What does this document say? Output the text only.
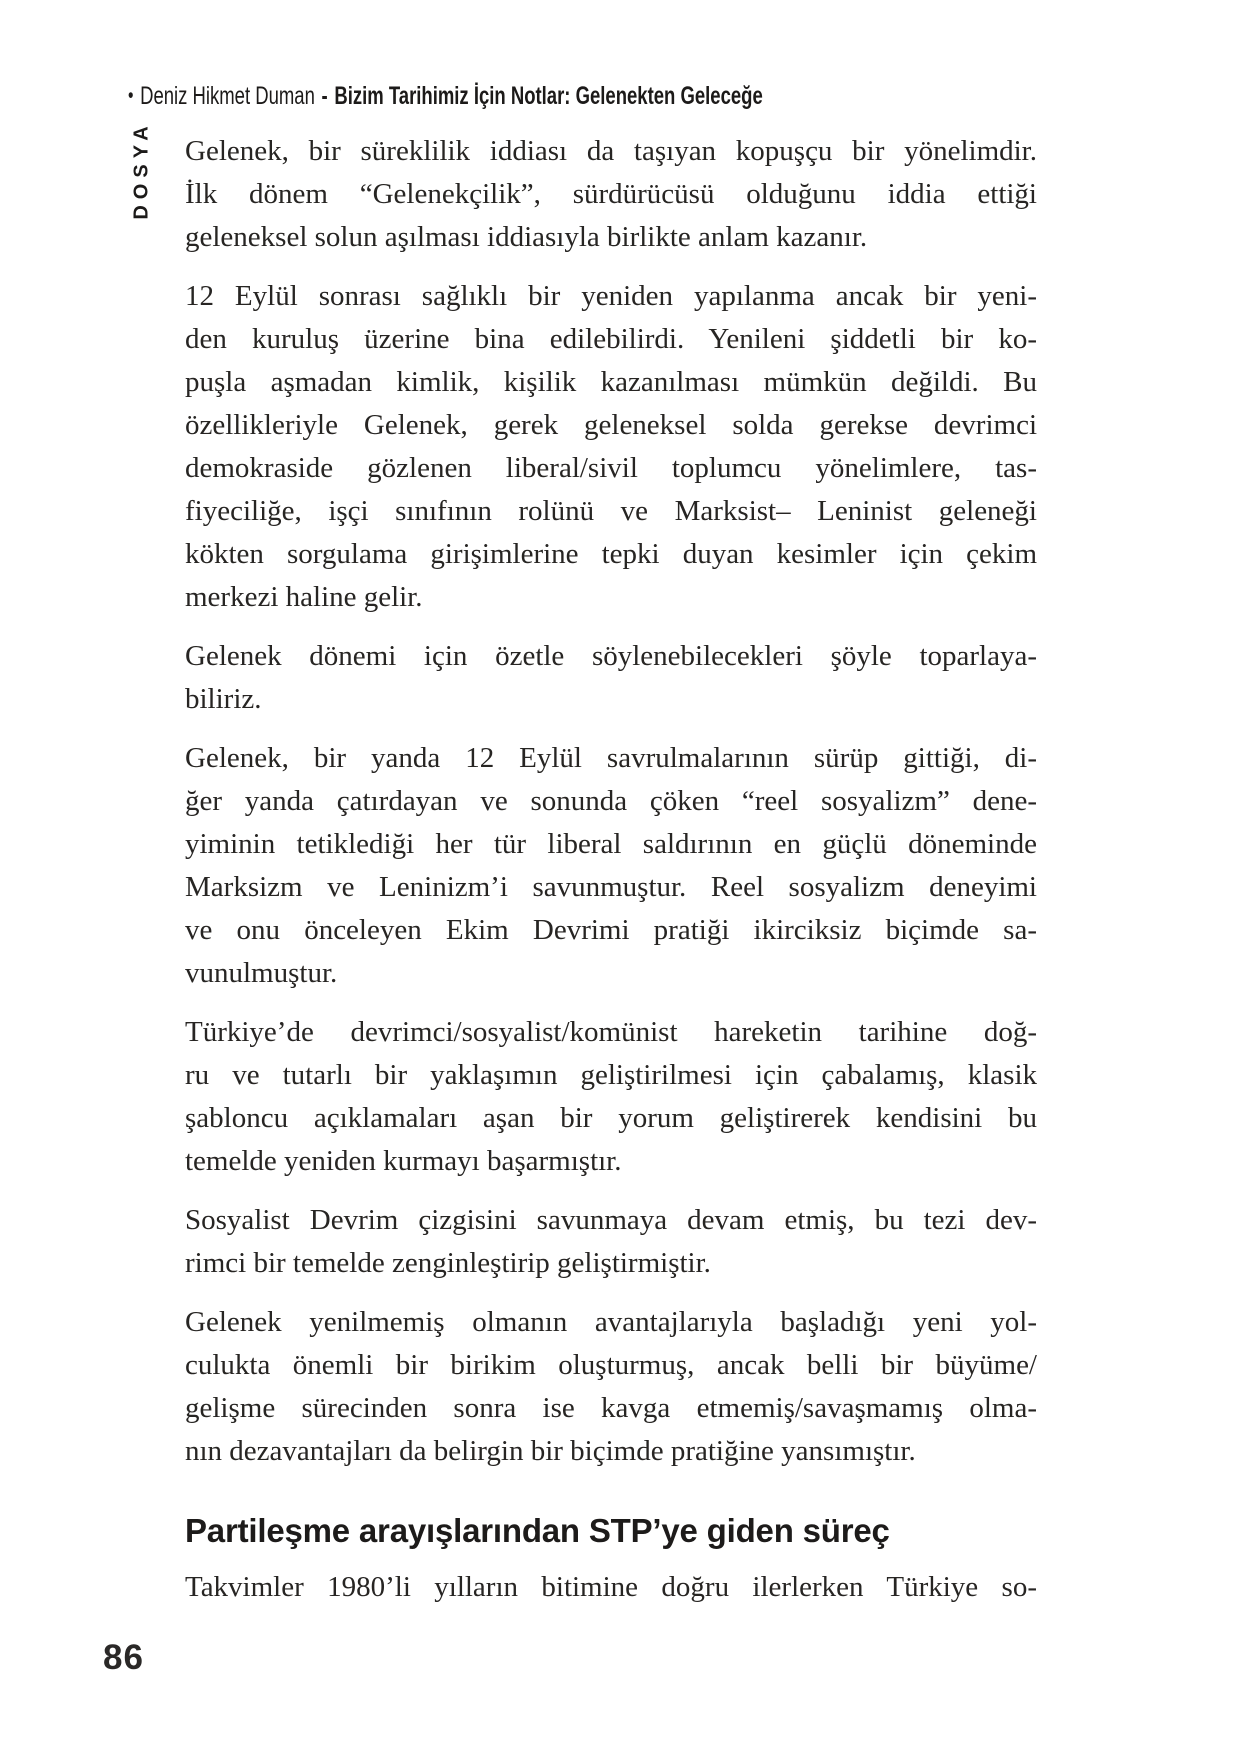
• Deniz Hikmet Duman - Bizim Tarihimiz İçin Notlar: Gelenekten Geleceğe
DOSYA Gelenek, bir süreklilik iddiası da taşıyan kopuşçu bir yönelimdir.
İlk dönem “Gelenekçilik”, sürdürücüsü olduğunu iddia ettiği
geleneksel solun aşılması iddiasıyla birlikte anlam kazanır.

12 Eylül sonrası sağlıklı bir yeniden yapılanma ancak bir yeni-
den kuruluş üzerine bina edilebilirdi. Yenileni şiddetli bir ko-
puşla aşmadan kimlik, kişilik kazanılması mümkün değildi. Bu
özellikleriyle Gelenek, gerek geleneksel solda gerekse devrimci
demokraside gözlenen liberal/sivil toplumcu yönelimlere, tas-
fiyeciliğe, işçi sınıfının rolünü ve Marksist– Leninist geleneği
kökten sorgulama girişimlerine tepki duyan kesimler için çekim
merkezi haline gelir.

Gelenek dönemi için özetle söylenebilecekleri şöyle toparlaya-
biliriz.

Gelenek, bir yanda 12 Eylül savrulmalarının sürüp gittiği, di-
ğer yanda çatırdayan ve sonunda çöken “reel sosyalizm” dene-
yiminin tetiklediği her tür liberal saldırının en güçlü döneminde
Marksizm ve Leninizm’i savunmuştur. Reel sosyalizm deneyimi
ve onu önceleyen Ekim Devrimi pratiği ikirciksiz biçimde sa-
vunulmuştur.

Türkiye’de devrimci/sosyalist/komünist hareketin tarihine doğ-
ru ve tutarlı bir yaklaşımın geliştirilmesi için çabalamış, klasik
şabloncu açıklamaları aşan bir yorum geliştirerek kendisini bu
temelde yeniden kurmayı başarmıştır.

Sosyalist Devrim çizgisini savunmaya devam etmiş, bu tezi dev-
rimci bir temelde zenginleştirip geliştirmiştir.

Gelenek yenilmemiş olmanın avantajlarıyla başladığı yeni yol-
culukta önemli bir birikim oluşturmuş, ancak belli bir büyüme/
gelişme sürecinden sonra ise kavga etmemiş/savaşmamış olma-
nın dezavantajları da belirgin bir biçimde pratiğine yansımıştır.

Partileşme arayışlarından STP’ye giden süreç

Takvimler 1980’li yılların bitimine doğru ilerlerken Türkiye so-

86
